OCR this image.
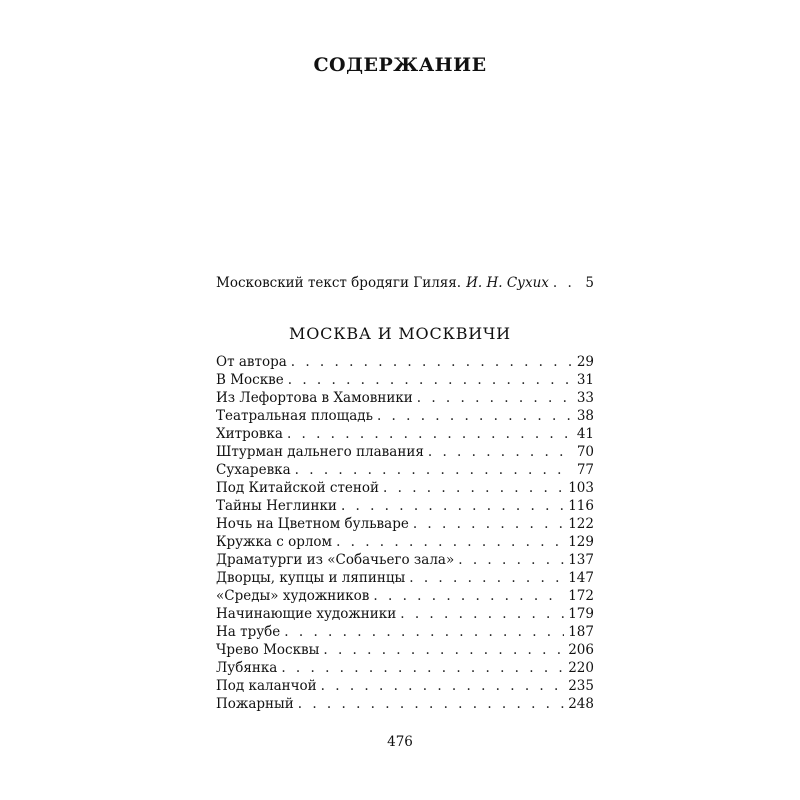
СОДЕРЖАНИЕ
Московский текст бродяги Гиляя. И. Н. Сухих . . .	5
МОСКВА И МОСКВИЧИ
От автора . . .	29
В Москве . . .	31
Из Лефортова в Хамовники . . .	33
Театральная площадь . . .	38
Хитровка . . .	41
Штурман дальнего плавания . . .	70
Сухаревка . . .	77
Под Китайской стеной . . .	103
Тайны Неглинки . . .	116
Ночь на Цветном бульваре . . .	122
Кружка с орлом . . .	129
Драматурги из «Собачьего зала» . . .	137
Дворцы, купцы и ляпинцы . . .	147
«Среды» художников . . .	172
Начинающие художники . . .	179
На трубе . . .	187
Чрево Москвы . . .	206
Лубянка . . .	220
Под каланчой . . .	235
Пожарный . . .	248
476
